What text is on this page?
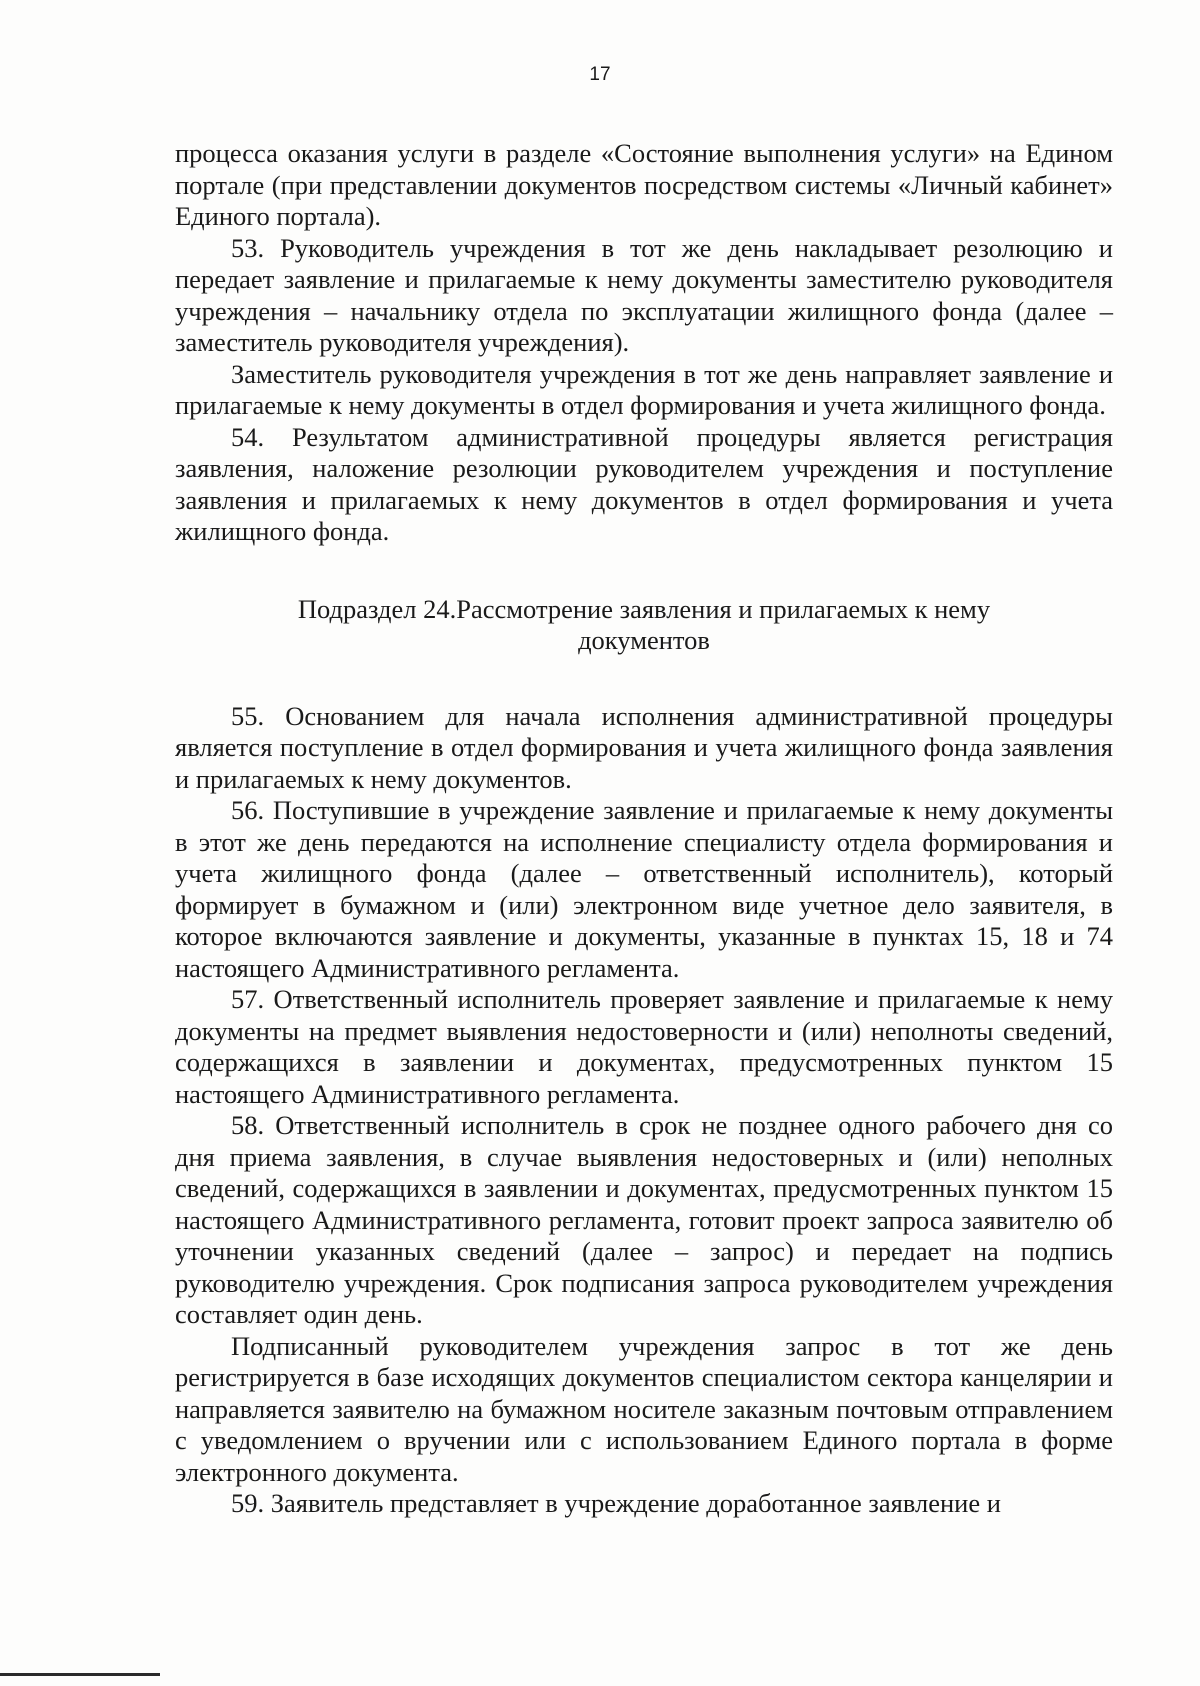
17

процесса оказания услуги в разделе «Состояние выполнения услуги» на Едином портале (при представлении документов посредством системы «Личный кабинет» Единого портала).

53. Руководитель учреждения в тот же день накладывает резолюцию и передает заявление и прилагаемые к нему документы заместителю руководителя учреждения – начальнику отдела по эксплуатации жилищного фонда (далее – заместитель руководителя учреждения).

Заместитель руководителя учреждения в тот же день направляет заявление и прилагаемые к нему документы в отдел формирования и учета жилищного фонда.

54. Результатом административной процедуры является регистрация заявления, наложение резолюции руководителем учреждения и поступление заявления и прилагаемых к нему документов в отдел формирования и учета жилищного фонда.

Подраздел 24.Рассмотрение заявления и прилагаемых к нему документов

55. Основанием для начала исполнения административной процедуры является поступление в отдел формирования и учета жилищного фонда заявления и прилагаемых к нему документов.

56. Поступившие в учреждение заявление и прилагаемые к нему документы в этот же день передаются на исполнение специалисту отдела формирования и учета жилищного фонда (далее – ответственный исполнитель), который формирует в бумажном и (или) электронном виде учетное дело заявителя, в которое включаются заявление и документы, указанные в пунктах 15, 18 и 74 настоящего Административного регламента.

57. Ответственный исполнитель проверяет заявление и прилагаемые к нему документы на предмет выявления недостоверности и (или) неполноты сведений, содержащихся в заявлении и документах, предусмотренных пунктом 15 настоящего Административного регламента.

58. Ответственный исполнитель в срок не позднее одного рабочего дня со дня приема заявления, в случае выявления недостоверных и (или) неполных сведений, содержащихся в заявлении и документах, предусмотренных пунктом 15 настоящего Административного регламента, готовит проект запроса заявителю об уточнении указанных сведений (далее – запрос) и передает на подпись руководителю учреждения. Срок подписания запроса руководителем учреждения составляет один день.

Подписанный руководителем учреждения запрос в тот же день регистрируется в базе исходящих документов специалистом сектора канцелярии и направляется заявителю на бумажном носителе заказным почтовым отправлением с уведомлением о вручении или с использованием Единого портала в форме электронного документа.

59. Заявитель представляет в учреждение доработанное заявление и
